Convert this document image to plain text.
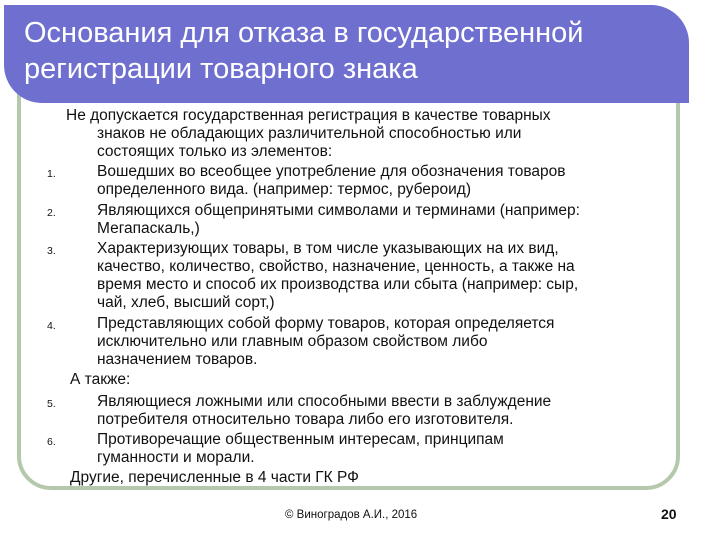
Основания для отказа в государственной
регистрации товарного знака
Не допускается государственная регистрация в качестве товарных
знаков не обладающих различительной способностью или
состоящих только из элементов:
1.	Вошедших во всеобщее употребление для обозначения товаров
определенного вида. (например: термос, рубероид)
2.	Являющихся общепринятыми символами и терминами (например:
Мегапаскаль,)
3.	Характеризующих товары, в том числе указывающих на их вид,
качество, количество, свойство, назначение, ценность, а также на
время место и способ их производства или сбыта (например: сыр,
чай, хлеб, высший сорт,)
4.	Представляющих собой форму товаров, которая определяется
исключительно или главным образом свойством либо
назначением товаров.
А также:
5.	Являющиеся ложными или способными ввести в заблуждение
потребителя относительно товара либо его изготовителя.
6.	Противоречащие общественным интересам, принципам
гуманности и морали.
Другие, перечисленные в 4 части ГК РФ
© Виноградов А.И., 2016	20
